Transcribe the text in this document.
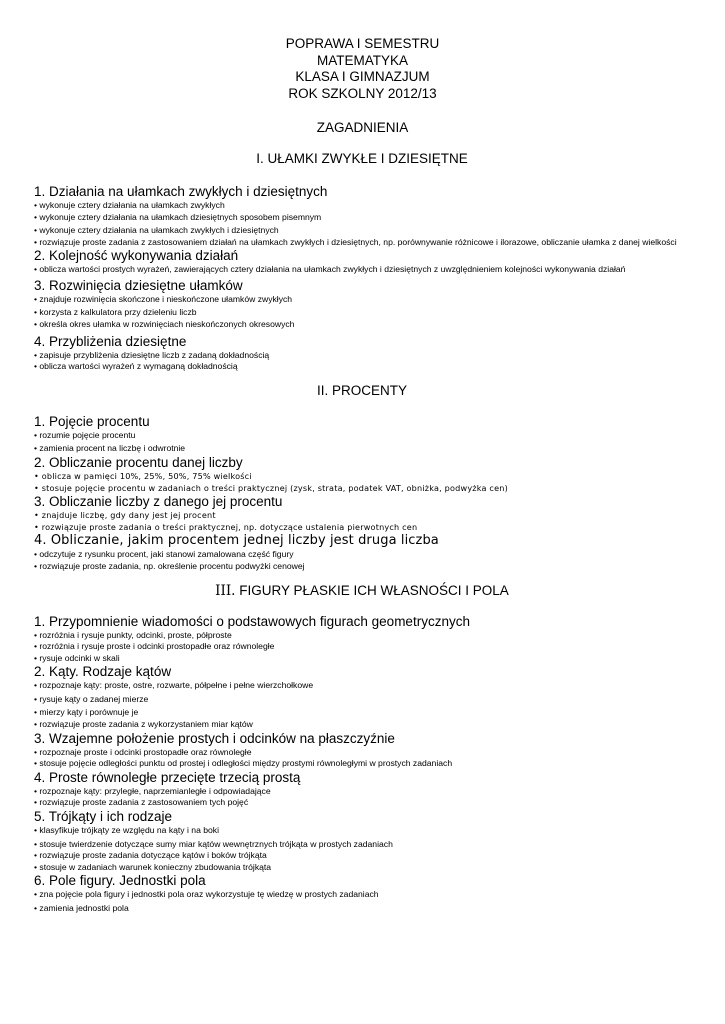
POPRAWA I SEMESTRU
MATEMATYKA
KLASA I GIMNAZJUM
ROK SZKOLNY 2012/13
ZAGADNIENIA
I. UŁAMKI ZWYKŁE I DZIESIĘTNE
1. Działania na ułamkach zwykłych i dziesiętnych
• wykonuje cztery działania na ułamkach zwykłych
• wykonuje cztery działania na ułamkach dziesiętnych sposobem pisemnym
• wykonuje cztery działania na ułamkach zwykłych i dziesiętnych
• rozwiązuje proste zadania z zastosowaniem działań na ułamkach zwykłych i dziesiętnych, np. porównywanie różnicowe i ilorazowe, obliczanie ułamka z danej wielkości
2. Kolejność wykonywania działań
• oblicza wartości prostych wyrażeń, zawierających cztery działania na ułamkach zwykłych i dziesiętnych z uwzględnieniem kolejności wykonywania działań
3. Rozwinięcia dziesiętne ułamków
• znajduje rozwinięcia skończone i nieskończone ułamków zwykłych
• korzysta z kalkulatora przy dzieleniu liczb
• określa okres ułamka w rozwinięciach nieskończonych okresowych
4. Przybliżenia dziesiętne
• zapisuje przybliżenia dziesiętne liczb z zadaną dokładnością
• oblicza wartości wyrażeń z wymaganą dokładnością
II. PROCENTY
1. Pojęcie procentu
• rozumie pojęcie procentu
• zamienia procent na liczbę i odwrotnie
2. Obliczanie procentu danej liczby
• oblicza w pamięci 10%, 25%, 50%, 75% wielkości
• stosuje pojęcie procentu w zadaniach o treści praktycznej (zysk, strata, podatek VAT, obniżka, podwyżka cen)
3. Obliczanie liczby z danego jej procentu
• znajduje liczbę, gdy dany jest jej procent
• rozwiązuje proste zadania o treści praktycznej, np. dotyczące ustalenia pierwotnych cen
4. Obliczanie, jakim procentem jednej liczby jest druga liczba
• odczytuje z rysunku procent, jaki stanowi zamalowana część figury
• rozwiązuje proste zadania, np. określenie procentu podwyżki cenowej
III. FIGURY PŁASKIE ICH WŁASNOŚCI I POLA
1. Przypomnienie wiadomości o podstawowych figurach geometrycznych
• rozróżnia i rysuje punkty, odcinki, proste, półproste
• rozróżnia i rysuje proste i odcinki prostopadłe oraz równoległe
• rysuje odcinki w skali
2. Kąty. Rodzaje kątów
• rozpoznaje kąty: proste, ostre, rozwarte, półpełne i pełne wierzchołkowe
• rysuje kąty o zadanej mierze
• mierzy kąty i porównuje je
• rozwiązuje proste zadania z wykorzystaniem miar kątów
3. Wzajemne położenie prostych i odcinków na płaszczyźnie
• rozpoznaje proste i odcinki prostopadłe oraz równoległe
• stosuje pojęcie odległości punktu od prostej i odległości między prostymi równoległymi w prostych zadaniach
4. Proste równoległe przecięte trzecią prostą
• rozpoznaje kąty: przyległe, naprzemianległe i odpowiadające
• rozwiązuje proste zadania z zastosowaniem tych pojęć
5. Trójkąty i ich rodzaje
• klasyfikuje trójkąty ze względu na kąty i na boki
• stosuje twierdzenie dotyczące sumy miar kątów wewnętrznych trójkąta w prostych zadaniach
• rozwiązuje proste zadania dotyczące kątów i boków trójkąta
• stosuje w zadaniach warunek konieczny zbudowania trójkąta
6. Pole figury. Jednostki pola
• zna pojęcie pola figury i jednostki pola oraz wykorzystuje tę wiedzę w prostych zadaniach
• zamienia jednostki pola
